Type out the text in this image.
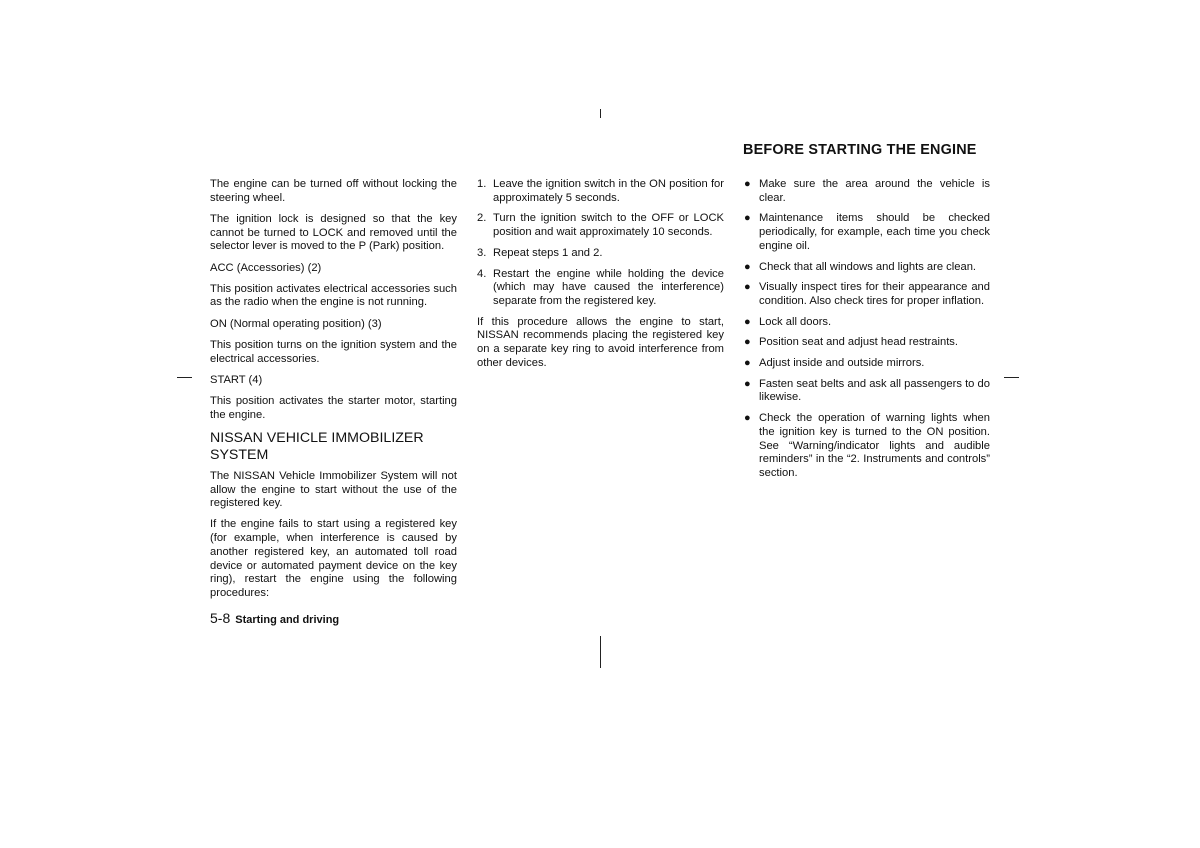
BEFORE STARTING THE ENGINE

The engine can be turned off without locking the steering wheel.

The ignition lock is designed so that the key cannot be turned to LOCK and removed until the selector lever is moved to the P (Park) position.

ACC (Accessories) (2)

This position activates electrical accessories such as the radio when the engine is not running.

ON (Normal operating position) (3)

This position turns on the ignition system and the electrical accessories.

START (4)

This position activates the starter motor, starting the engine.

NISSAN VEHICLE IMMOBILIZER SYSTEM

The NISSAN Vehicle Immobilizer System will not allow the engine to start without the use of the registered key.

If the engine fails to start using a registered key (for example, when interference is caused by another registered key, an automated toll road device or automated payment device on the key ring), restart the engine using the following procedures:

1. Leave the ignition switch in the ON position for approximately 5 seconds.
2. Turn the ignition switch to the OFF or LOCK position and wait approximately 10 seconds.
3. Repeat steps 1 and 2.
4. Restart the engine while holding the device (which may have caused the interference) separate from the registered key.

If this procedure allows the engine to start, NISSAN recommends placing the registered key on a separate key ring to avoid interference from other devices.

● Make sure the area around the vehicle is clear.
● Maintenance items should be checked periodically, for example, each time you check engine oil.
● Check that all windows and lights are clean.
● Visually inspect tires for their appearance and condition. Also check tires for proper inflation.
● Lock all doors.
● Position seat and adjust head restraints.
● Adjust inside and outside mirrors.
● Fasten seat belts and ask all passengers to do likewise.
● Check the operation of warning lights when the ignition key is turned to the ON position. See “Warning/indicator lights and audible reminders” in the “2. Instruments and controls” section.
5-8 Starting and driving
